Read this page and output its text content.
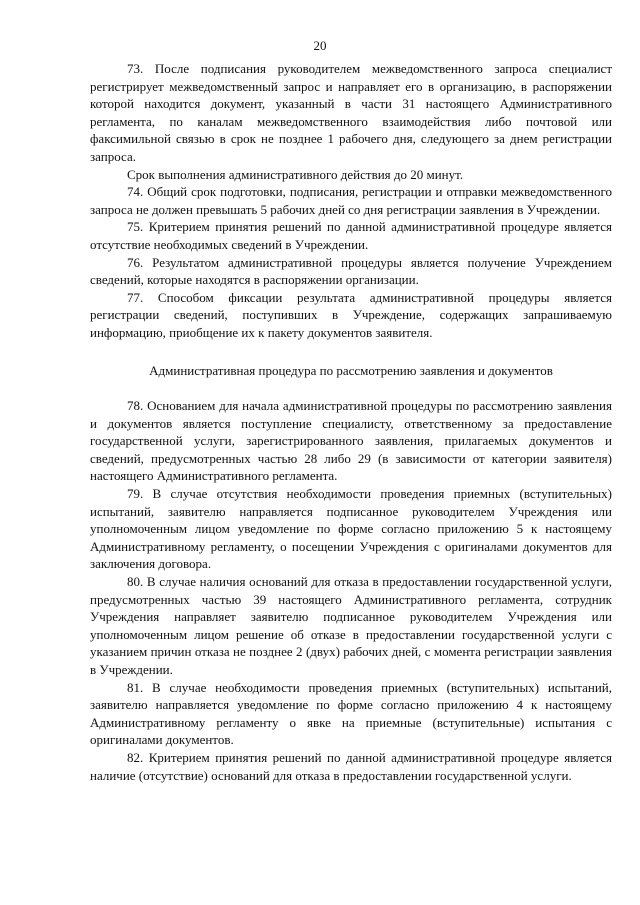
20

73. После подписания руководителем межведомственного запроса специалист регистрирует межведомственный запрос и направляет его в организацию, в распоряжении которой находится документ, указанный в части 31 настоящего Административного регламента, по каналам межведомственного взаимодействия либо почтовой или факсимильной связью в срок не позднее 1 рабочего дня, следующего за днем регистрации запроса.

Срок выполнения административного действия до 20 минут.

74. Общий срок подготовки, подписания, регистрации и отправки межведомственного запроса не должен превышать 5 рабочих дней со дня регистрации заявления в Учреждении.

75. Критерием принятия решений по данной административной процедуре является отсутствие необходимых сведений в Учреждении.

76. Результатом административной процедуры является получение Учреждением сведений, которые находятся в распоряжении организации.

77. Способом фиксации результата административной процедуры является регистрации сведений, поступивших в Учреждение, содержащих запрашиваемую информацию, приобщение их к пакету документов заявителя.

Административная процедура по рассмотрению заявления и документов

78. Основанием для начала административной процедуры по рассмотрению заявления и документов является поступление специалисту, ответственному за предоставление государственной услуги, зарегистрированного заявления, прилагаемых документов и сведений, предусмотренных частью 28 либо 29 (в зависимости от категории заявителя) настоящего Административного регламента.

79. В случае отсутствия необходимости проведения приемных (вступительных) испытаний, заявителю направляется подписанное руководителем Учреждения или уполномоченным лицом уведомление по форме согласно приложению 5 к настоящему Административному регламенту, о посещении Учреждения с оригиналами документов для заключения договора.

80. В случае наличия оснований для отказа в предоставлении государственной услуги, предусмотренных частью 39 настоящего Административного регламента, сотрудник Учреждения направляет заявителю подписанное руководителем Учреждения или уполномоченным лицом решение об отказе в предоставлении государственной услуги с указанием причин отказа не позднее 2 (двух) рабочих дней, с момента регистрации заявления в Учреждении.

81. В случае необходимости проведения приемных (вступительных) испытаний, заявителю направляется уведомление по форме согласно приложению 4 к настоящему Административному регламенту о явке на приемные (вступительные) испытания с оригиналами документов.

82. Критерием принятия решений по данной административной процедуре является наличие (отсутствие) оснований для отказа в предоставлении государственной услуги.
